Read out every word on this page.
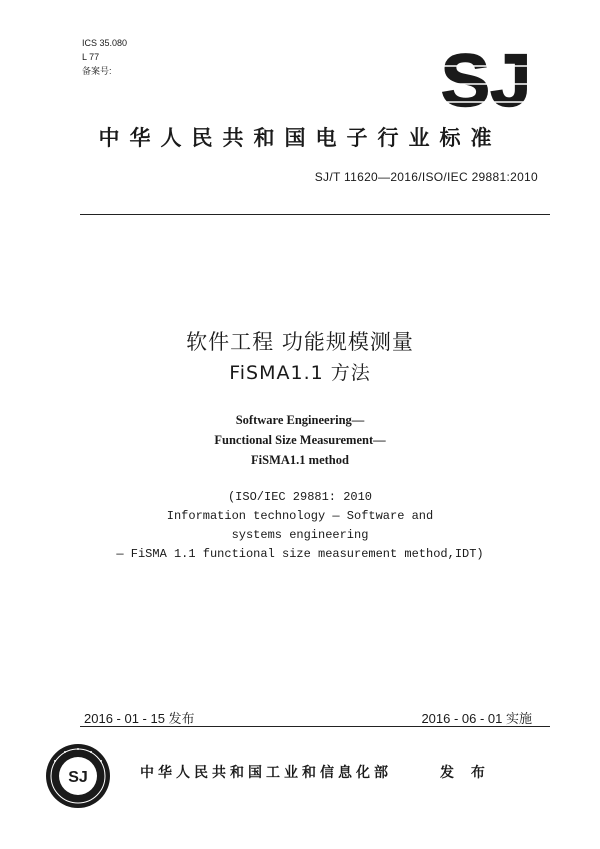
ICS 35.080
L 77
备案号:	SJ
中华人民共和国电子行业标准
SJ/T 11620—2016/ISO/IEC 29881:2010
软件工程 功能规模测量
FiSMA1.1 方法
Software Engineering—
Functional Size Measurement—
FiSMA1.1 method
(ISO/IEC 29881: 2010
Information technology — Software and
systems engineering
— FiSMA 1.1 functional size measurement method,IDT)
2016 - 01 - 15 发布	2016 - 06 - 01 实施
SJ	中华人民共和国工业和信息化部	发 布
